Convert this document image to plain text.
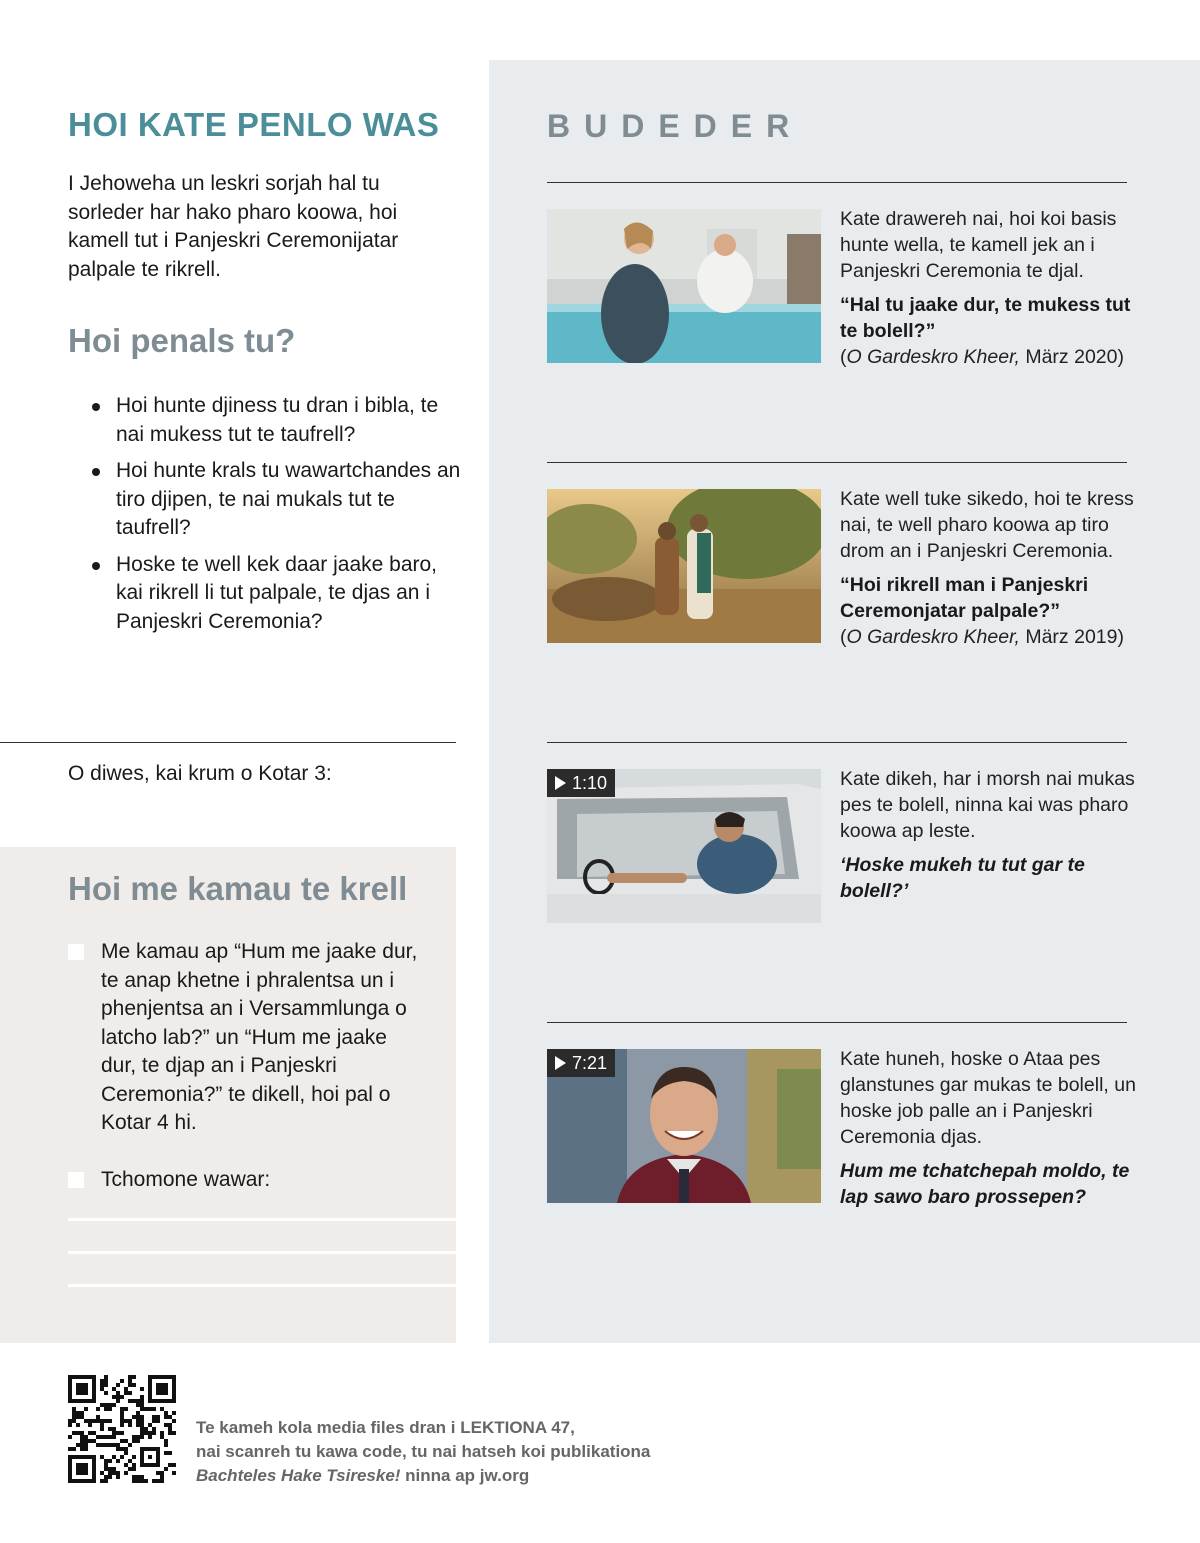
BUDEDER

Kate drawereh nai, hoi koi basis hunte wella, te kamell jek an i Panjeskri Ceremonia te djal.

“Hal tu jaake dur, te mukess tut te bolell?”

(O Gardeskro Kheer, März 2020)

Kate well tuke sikedo, hoi te kress nai, te well pharo koowa ap tiro drom an i Panjeskri Ceremonia.

“Hoi rikrell man i Panjeskri Ceremonjatar palpale?”

(O Gardeskro Kheer, März 2019)

1:10	Kate dikeh, har i morsh nai mukas pes te bolell, ninna kai was pharo koowa ap leste.

‘Hoske mukeh tu tut gar te bolell?’

7:21	Kate huneh, hoske o Ataa pes glanstunes gar mukas te bolell, un hoske job palle an i Panjeskri Ceremonia djas.

Hum me tchatchepah moldo, te lap sawo baro prossepen?

HOI KATE PENLO WAS

I Jehoweha un leskri sorjah hal tu sorleder har hako pharo koowa, hoi kamell tut i Panjeskri Ceremonijatar palpale te rikrell.

Hoi penals tu?
Hoi hunte djiness tu dran i bibla, te nai mukess tut te taufrell?
Hoi hunte krals tu wawartchandes an tiro djipen, te nai mukals tut te taufrell?
Hoske te well kek daar jaake baro, kai rikrell li tut palpale, te djas an i Panjeskri Ceremonia?

O diwes, kai krum o Kotar 3:

Hoi me kamau te krell
Me kamau ap “Hum me jaake dur, te anap khetne i phralentsa un i phenjentsa an i Versammlunga o latcho lab?” un “Hum me jaake dur, te djap an i Panjeskri Ceremonia?” te dikell, hoi pal o Kotar 4 hi.
Tchomone wawar:

Te kameh kola media files dran i LEKTIONA 47,
nai scanreh tu kawa code, tu nai hatseh koi publikationa
Bachteles Hake Tsireske! ninna ap jw.org
